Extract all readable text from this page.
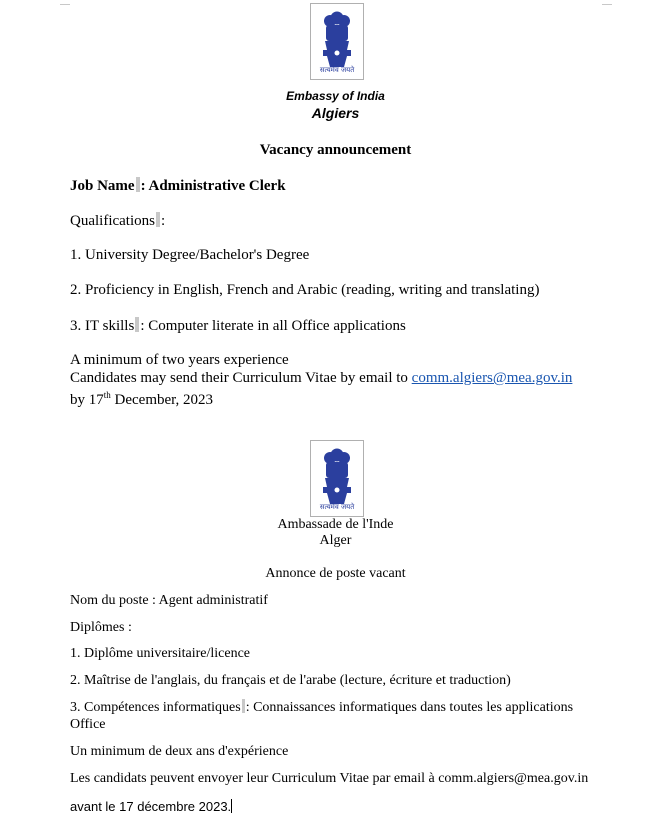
सत्यमेव जयते
Embassy of India
Algiers
Vacancy announcement
Job Name : Administrative Clerk
Qualifications :
1. University Degree/Bachelor's Degree
2. Proficiency in English, French and Arabic (reading, writing and translating)
3. IT skills : Computer literate in all Office applications
A minimum of two years experience
Candidates may send their Curriculum Vitae by email to comm.algiers@mea.gov.in
by 17th December, 2023
सत्यमेव जयते
Ambassade de l'Inde
Alger
Annonce de poste vacant
Nom du poste : Agent administratif
Diplômes :
1. Diplôme universitaire/licence
2. Maîtrise de l'anglais, du français et de l'arabe (lecture, écriture et traduction)
3. Compétences informatiques : Connaissances informatiques dans toutes les applications
Office
Un minimum de deux ans d'expérience
Les candidats peuvent envoyer leur Curriculum Vitae par email à comm.algiers@mea.gov.in
avant le 17 décembre 2023.
